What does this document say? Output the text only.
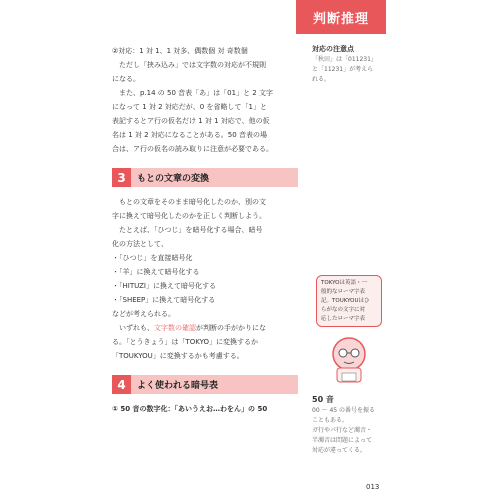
判断推理

②対応：1 対 1、1 対多、偶数個 対 奇数個

ただし「挟み込み」では文字数の対応が不規則

になる。

また、p.14 の 50 音表「あ」は「01」と 2 文字

になって 1 対 2 対応だが、0 を省略して「1」と

表記するとア行の仮名だけ 1 対 1 対応で、他の仮

名は 1 対 2 対応になることがある。50 音表の場

合は、ア行の仮名の読み取りに注意が必要である。

3	もとの文章の変換

もとの文章をそのまま暗号化したのか、別の文

字に換えて暗号化したのかを正しく判断しよう。

たとえば、「ひつじ」を暗号化する場合、暗号

化の方法として、

・「ひつじ」を直接暗号化

・「羊」に換えて暗号化する

・「HITUZI」に換えて暗号化する

・「SHEEP」に換えて暗号化する

などが考えられる。

いずれも、文字数の確認が判断の手がかりにな

る。「とうきょう」は「TOKYO」に変換するか

「TOUKYOU」に変換するかも考慮する。

4	よく使われる暗号表

① 50 音の数字化：「あいうえお…わをん」の 50

対応の注意点
「秋田」は「011231」
と「11231」が考えら
れる。
TOKYOは英語・一
般的なローマ字表
記。TOUKYOUはひ
らがなの文字に対
応したローマ字表
50 音
00 ～ 45 の番号を振る
こともある。
ガ行やパ行など濁音・
半濁音は問題によって
対応が違ってくる。
013
